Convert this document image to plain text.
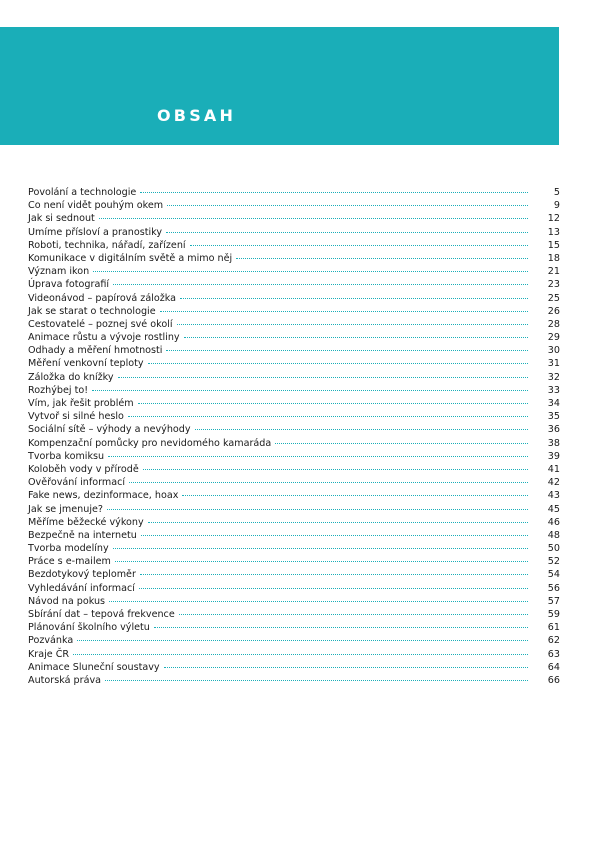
OBSAH
Povolání a technologie	5
Co není vidět pouhým okem	9
Jak si sednout	12
Umíme přísloví a pranostiky	13
Roboti, technika, nářadí, zařízení	15
Komunikace v digitálním světě a mimo něj	18
Význam ikon	21
Úprava fotografií	23
Videonávod – papírová záložka	25
Jak se starat o technologie	26
Cestovatelé – poznej své okolí	28
Animace růstu a vývoje rostliny	29
Odhady a měření hmotnosti	30
Měření venkovní teploty	31
Záložka do knížky	32
Rozhýbej to!	33
Vím, jak řešit problém	34
Vytvoř si silné heslo	35
Sociální sítě – výhody a nevýhody	36
Kompenzační pomůcky pro nevidomého kamaráda	38
Tvorba komiksu	39
Koloběh vody v přírodě	41
Ověřování informací	42
Fake news, dezinformace, hoax	43
Jak se jmenuje?	45
Měříme běžecké výkony	46
Bezpečně na internetu	48
Tvorba modelíny	50
Práce s e-mailem	52
Bezdotykový teploměr	54
Vyhledávání informací	56
Návod na pokus	57
Sbírání dat – tepová frekvence	59
Plánování školního výletu	61
Pozvánka	62
Kraje ČR	63
Animace Sluneční soustavy	64
Autorská práva	66
